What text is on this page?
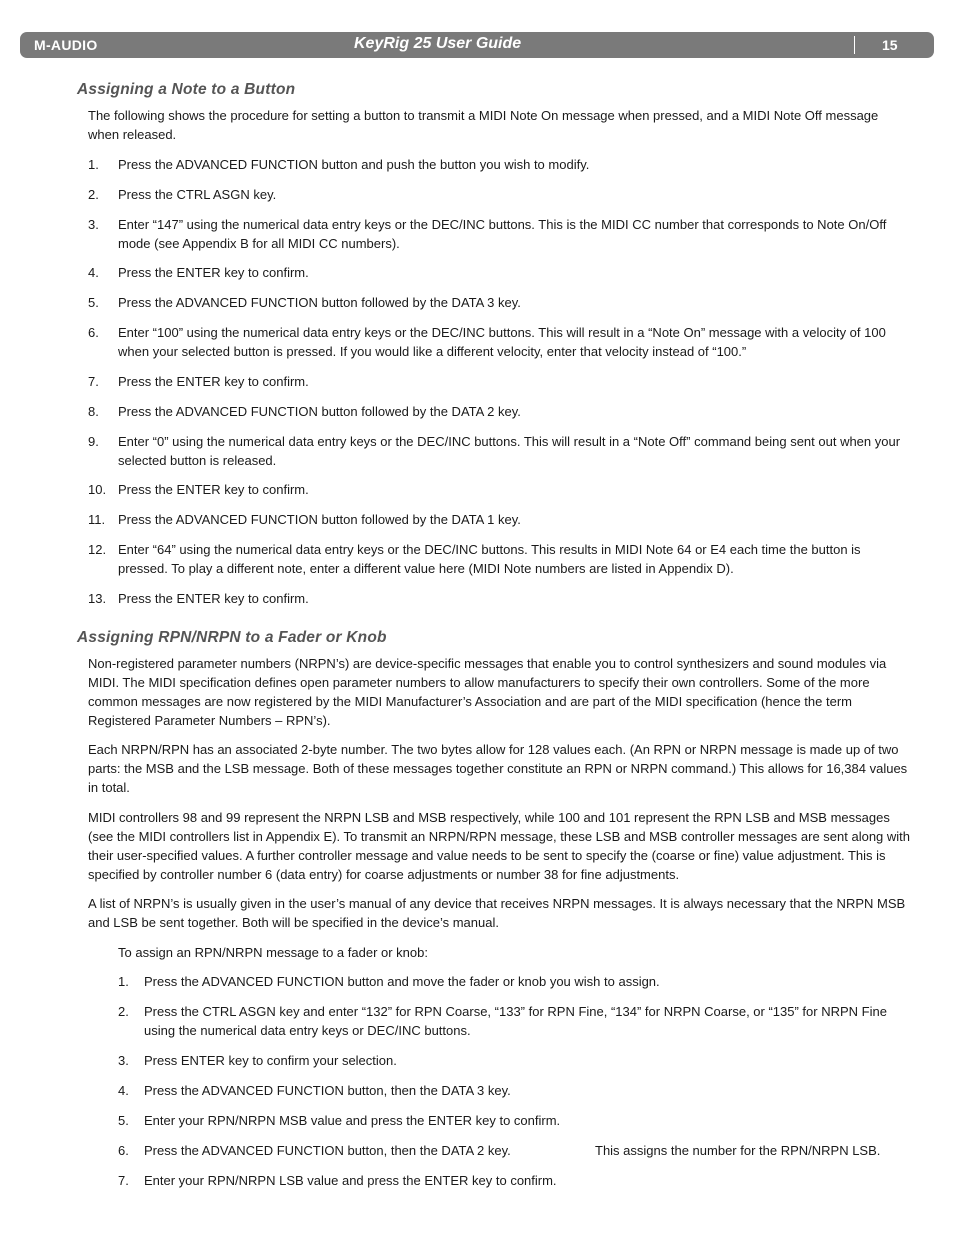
M-AUDIO	KeyRig 25 User Guide	15
Assigning a Note to a Button

The following shows the procedure for setting a button to transmit a MIDI Note On message when pressed, and a MIDI Note Off message when released.

1. Press the ADVANCED FUNCTION button and push the button you wish to modify.
2. Press the CTRL ASGN key.
3. Enter “147” using the numerical data entry keys or the DEC/INC buttons. This is the MIDI CC number that corresponds to Note On/Off mode (see Appendix B for all MIDI CC numbers).
4. Press the ENTER key to confirm.
5. Press the ADVANCED FUNCTION button followed by the DATA 3 key.
6. Enter “100” using the numerical data entry keys or the DEC/INC buttons. This will result in a “Note On” message with a velocity of 100 when your selected button is pressed. If you would like a different velocity, enter that velocity instead of “100.”
7. Press the ENTER key to confirm.
8. Press the ADVANCED FUNCTION button followed by the DATA 2 key.
9. Enter “0” using the numerical data entry keys or the DEC/INC buttons. This will result in a “Note Off” command being sent out when your selected button is released.
10. Press the ENTER key to confirm.
11. Press the ADVANCED FUNCTION button followed by the DATA 1 key.
12. Enter “64” using the numerical data entry keys or the DEC/INC buttons. This results in MIDI Note 64 or E4 each time the button is pressed. To play a different note, enter a different value here (MIDI Note numbers are listed in Appendix D).
13. Press the ENTER key to confirm.
Assigning RPN/NRPN to a Fader or Knob

Non-registered parameter numbers (NRPN’s) are device-specific messages that enable you to control synthesizers and sound modules via MIDI. The MIDI specification defines open parameter numbers to allow manufacturers to specify their own controllers. Some of the more common messages are now registered by the MIDI Manufacturer’s Association and are part of the MIDI specification (hence the term Registered Parameter Numbers – RPN’s).

Each NRPN/RPN has an associated 2-byte number. The two bytes allow for 128 values each. (An RPN or NRPN message is made up of two parts: the MSB and the LSB message. Both of these messages together constitute an RPN or NRPN command.) This allows for 16,384 values in total.

MIDI controllers 98 and 99 represent the NRPN LSB and MSB respectively, while 100 and 101 represent the RPN LSB and MSB messages (see the MIDI controllers list in Appendix E). To transmit an NRPN/RPN message, these LSB and MSB controller messages are sent along with their user-specified values. A further controller message and value needs to be sent to specify the (coarse or fine) value adjustment. This is specified by controller number 6 (data entry) for coarse adjustments or number 38 for fine adjustments.

A list of NRPN’s is usually given in the user’s manual of any device that receives NRPN messages. It is always necessary that the NRPN MSB and LSB be sent together. Both will be specified in the device’s manual.

To assign an RPN/NRPN message to a fader or knob:

1. Press the ADVANCED FUNCTION button and move the fader or knob you wish to assign.
2. Press the CTRL ASGN key and enter “132” for RPN Coarse, “133” for RPN Fine, “134” for NRPN Coarse, or “135” for NRPN Fine using the numerical data entry keys or DEC/INC buttons.
3. Press ENTER key to confirm your selection.
4. Press the ADVANCED FUNCTION button, then the DATA 3 key.
5. Enter your RPN/NRPN MSB value and press the ENTER key to confirm.
6. Press the ADVANCED FUNCTION button, then the DATA 2 key.	This assigns the number for the RPN/NRPN LSB.
7. Enter your RPN/NRPN LSB value and press the ENTER key to confirm.
